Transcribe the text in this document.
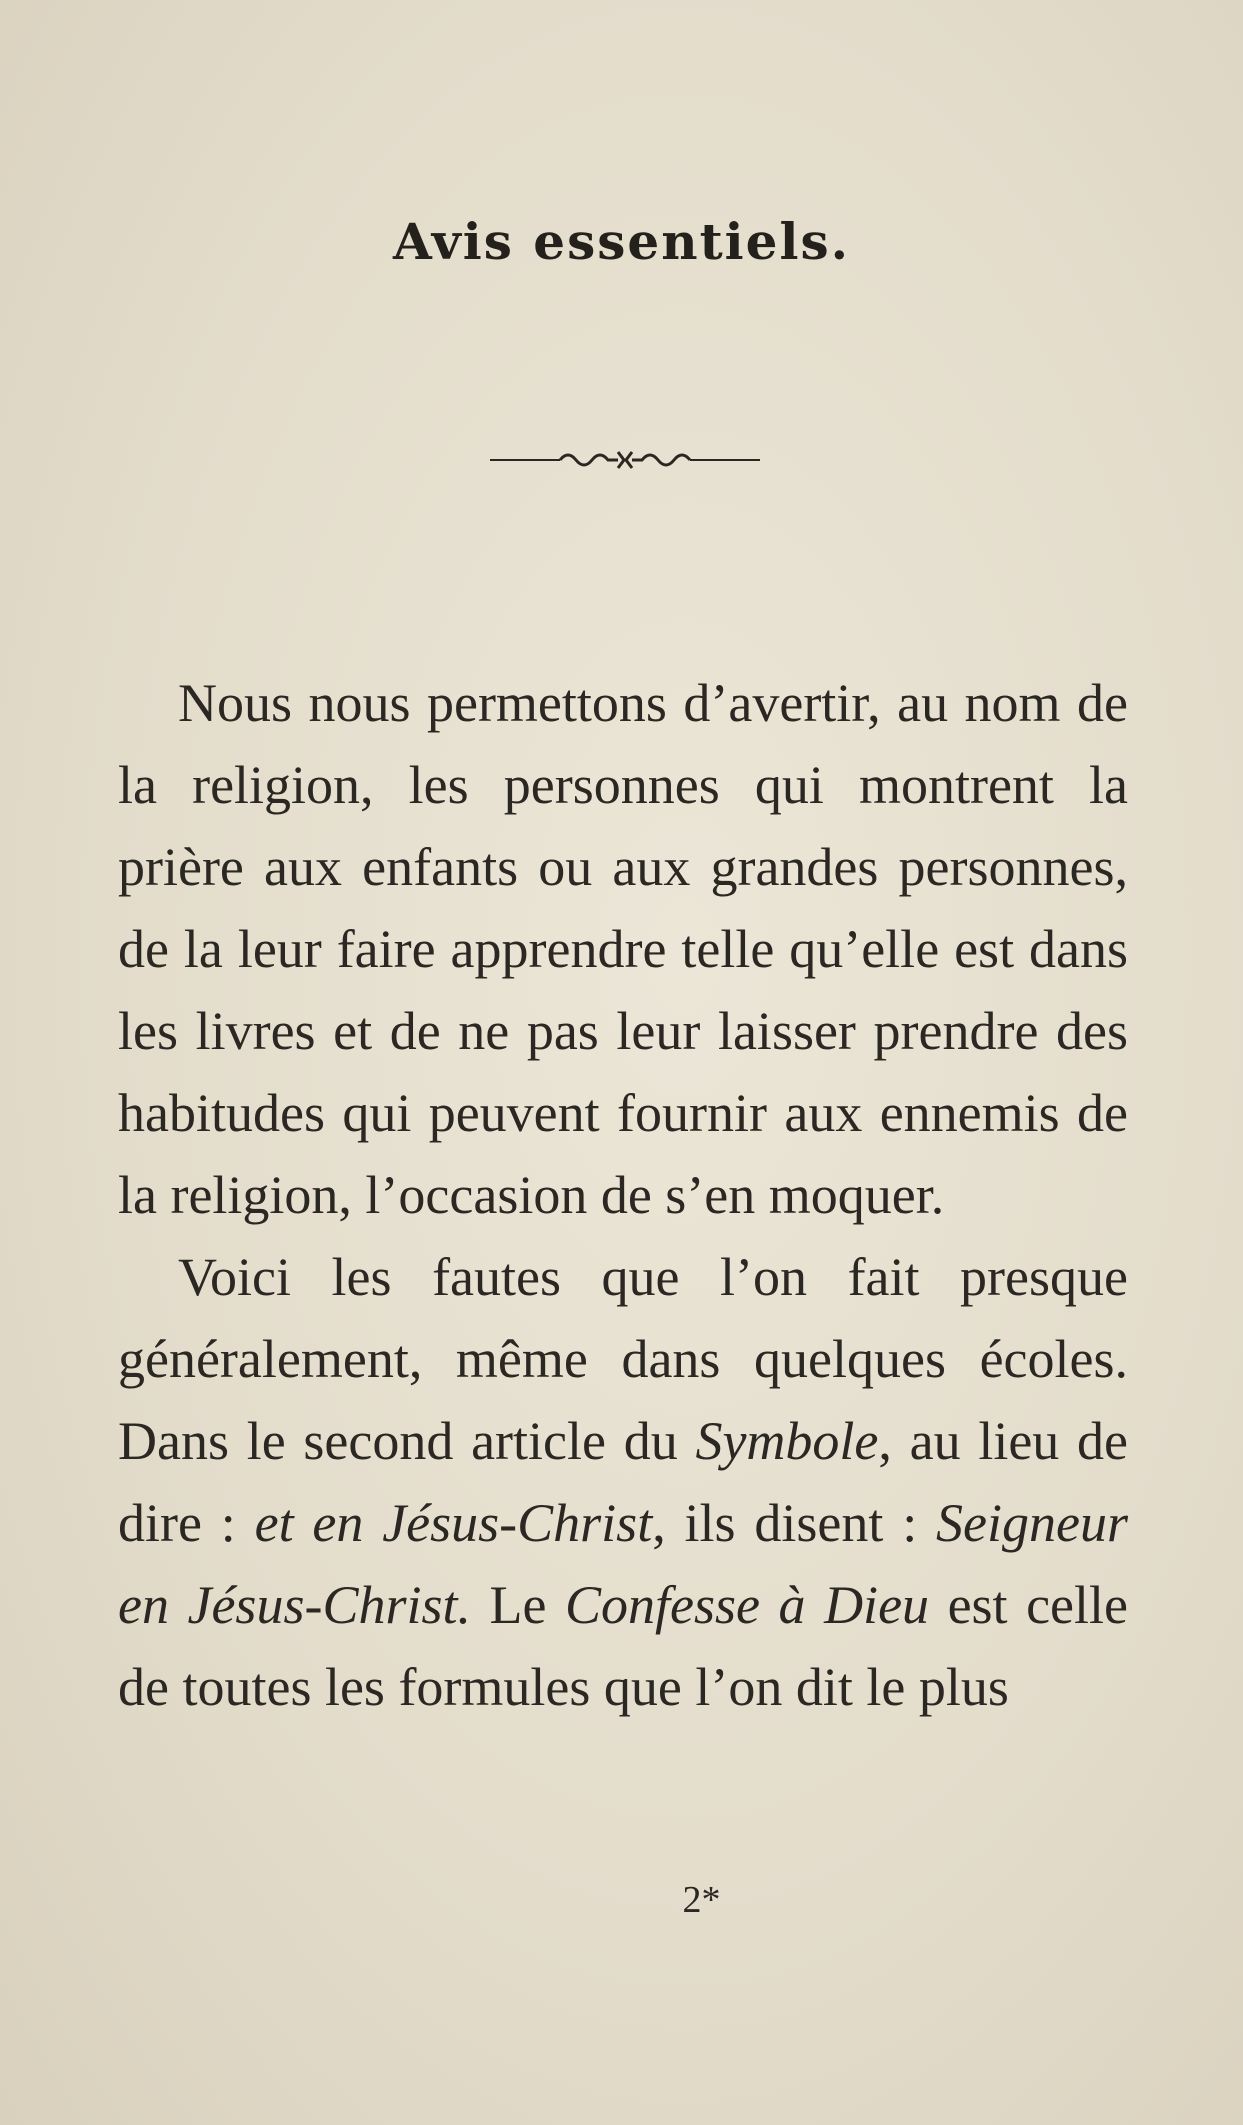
Avis essentiels.

Nous nous permettons d’avertir, au nom de la religion, les personnes qui montrent la prière aux enfants ou aux grandes personnes, de la leur faire apprendre telle qu’elle est dans les livres et de ne pas leur laisser prendre des habitudes qui peuvent fournir aux ennemis de la religion, l’occasion de s’en moquer.

Voici les fautes que l’on fait presque généralement, même dans quelques écoles. Dans le second article du Symbole, au lieu de dire : et en Jésus-Christ, ils disent : Seigneur en Jésus-Christ. Le Confesse à Dieu est celle de toutes les formules que l’on dit le plus

2*
